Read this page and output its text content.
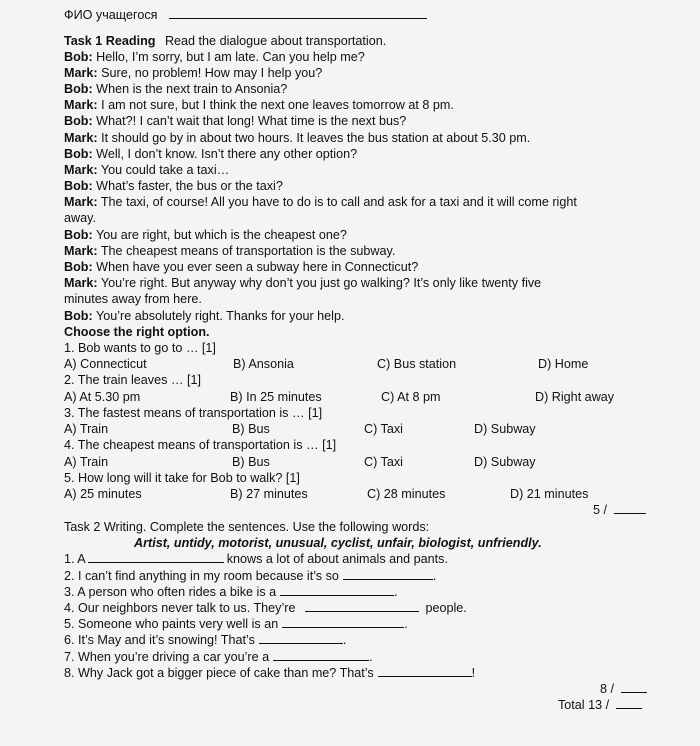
ФИО учащегося
Task 1 Reading Read the dialogue about transportation.
Bob: Hello, I’m sorry, but I am late. Can you help me?
Mark: Sure, no problem! How may I help you?
Bob: When is the next train to Ansonia?
Mark: I am not sure, but I think the next one leaves tomorrow at 8 pm.
Bob: What?! I can’t wait that long! What time is the next bus?
Mark: It should go by in about two hours. It leaves the bus station at about 5.30 pm.
Bob: Well, I don’t know. Isn’t there any other option?
Mark: You could take a taxi…
Bob: What’s faster, the bus or the taxi?
Mark: The taxi, of course! All you have to do is to call and ask for a taxi and it will come right
away.
Bob: You are right, but which is the cheapest one?
Mark: The cheapest means of transportation is the subway.
Bob: When have you ever seen a subway here in Connecticut?
Mark: You’re right. But anyway why don’t you just go walking? It’s only like twenty five
minutes away from here.
Bob: You’re absolutely right. Thanks for your help.
Choose the right option.
1. Bob wants to go to … [1]
A) Connecticut	B) Ansonia	C) Bus station	D) Home
2. The train leaves … [1]
A) At 5.30 pm	B) In 25 minutes	C) At 8 pm	D) Right away
3. The fastest means of transportation is … [1]
A) Train	B) Bus	C) Taxi	D) Subway
4. The cheapest means of transportation is … [1]
A) Train	B) Bus	C) Taxi	D) Subway
5. How long will it take for Bob to walk? [1]
A) 25 minutes	B) 27 minutes	C) 28 minutes	D) 21 minutes
5 /
Task 2 Writing. Complete the sentences. Use the following words:
Artist, untidy, motorist, unusual, cyclist, unfair, biologist, unfriendly.
1. A	knows a lot of about animals and pants.
2. I can’t find anything in my room because it’s so	.
3. A person who often rides a bike is a	.
4. Our neighbors never talk to us. They’re	people.
5. Someone who paints very well is an	.
6. It’s May and it’s snowing! That’s	.
7. When you’re driving a car you’re a	.
8. Why Jack got a bigger piece of cake than me? That’s	!
8 /
Total 13 /
